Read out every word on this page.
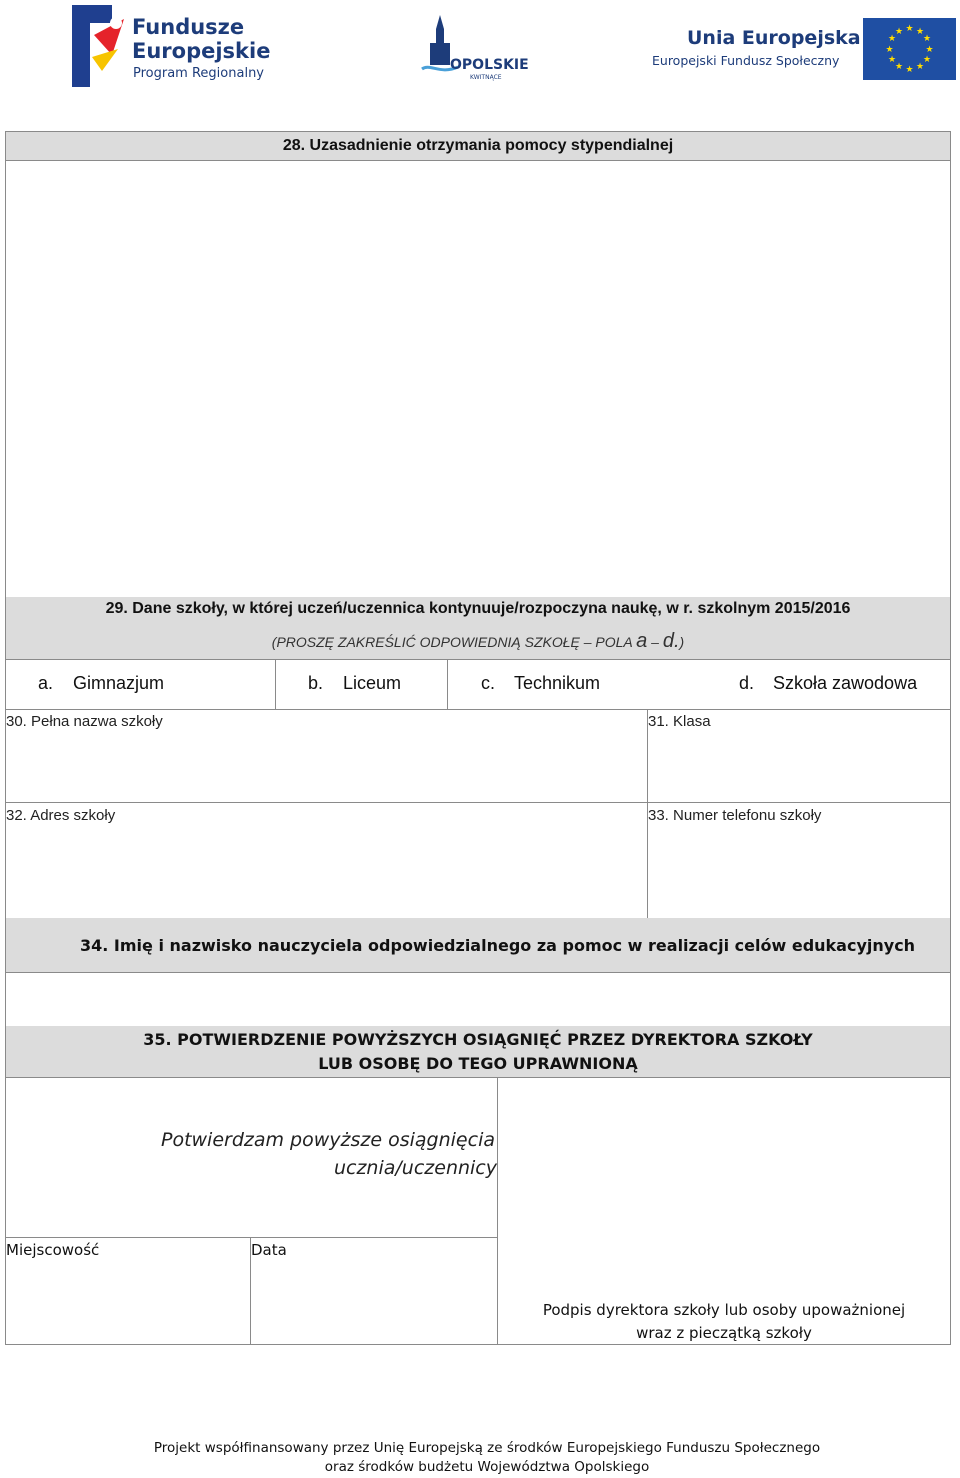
Fundusze
Europejskie
Program Regionalny
OPOLSKIE
KWITNĄCE
Unia Europejska
Europejski Fundusz Społeczny
★ ★
★
★
★
★
★
★
★
★
★
★
28. Uzasadnienie otrzymania pomocy stypendialnej
29. Dane szkoły, w której uczeń/uczennica kontynuuje/rozpoczyna naukę, w r. szkolnym 2015/2016
(PROSZĘ ZAKREŚLIĆ ODPOWIEDNIĄ SZKOŁĘ – POLA a – d.)
a. Gimnazjum	b. Liceum	c. Technikum	d. Szkoła zawodowa
30. Pełna nazwa szkoły	31. Klasa
32. Adres szkoły	33. Numer telefonu szkoły
34. Imię i nazwisko nauczyciela odpowiedzialnego za pomoc w realizacji celów edukacyjnych
35. POTWIERDZENIE POWYŻSZYCH OSIĄGNIĘĆ PRZEZ DYREKTORA SZKOŁY
LUB OSOBĘ DO TEGO UPRAWNIONĄ
Potwierdzam powyższe osiągnięcia
ucznia/uczennicy
Miejscowość	Data
Podpis dyrektora szkoły lub osoby upoważnionej
wraz z pieczątką szkoły
Projekt współfinansowany przez Unię Europejską ze środków Europejskiego Funduszu Społecznego
oraz środków budżetu Województwa Opolskiego
